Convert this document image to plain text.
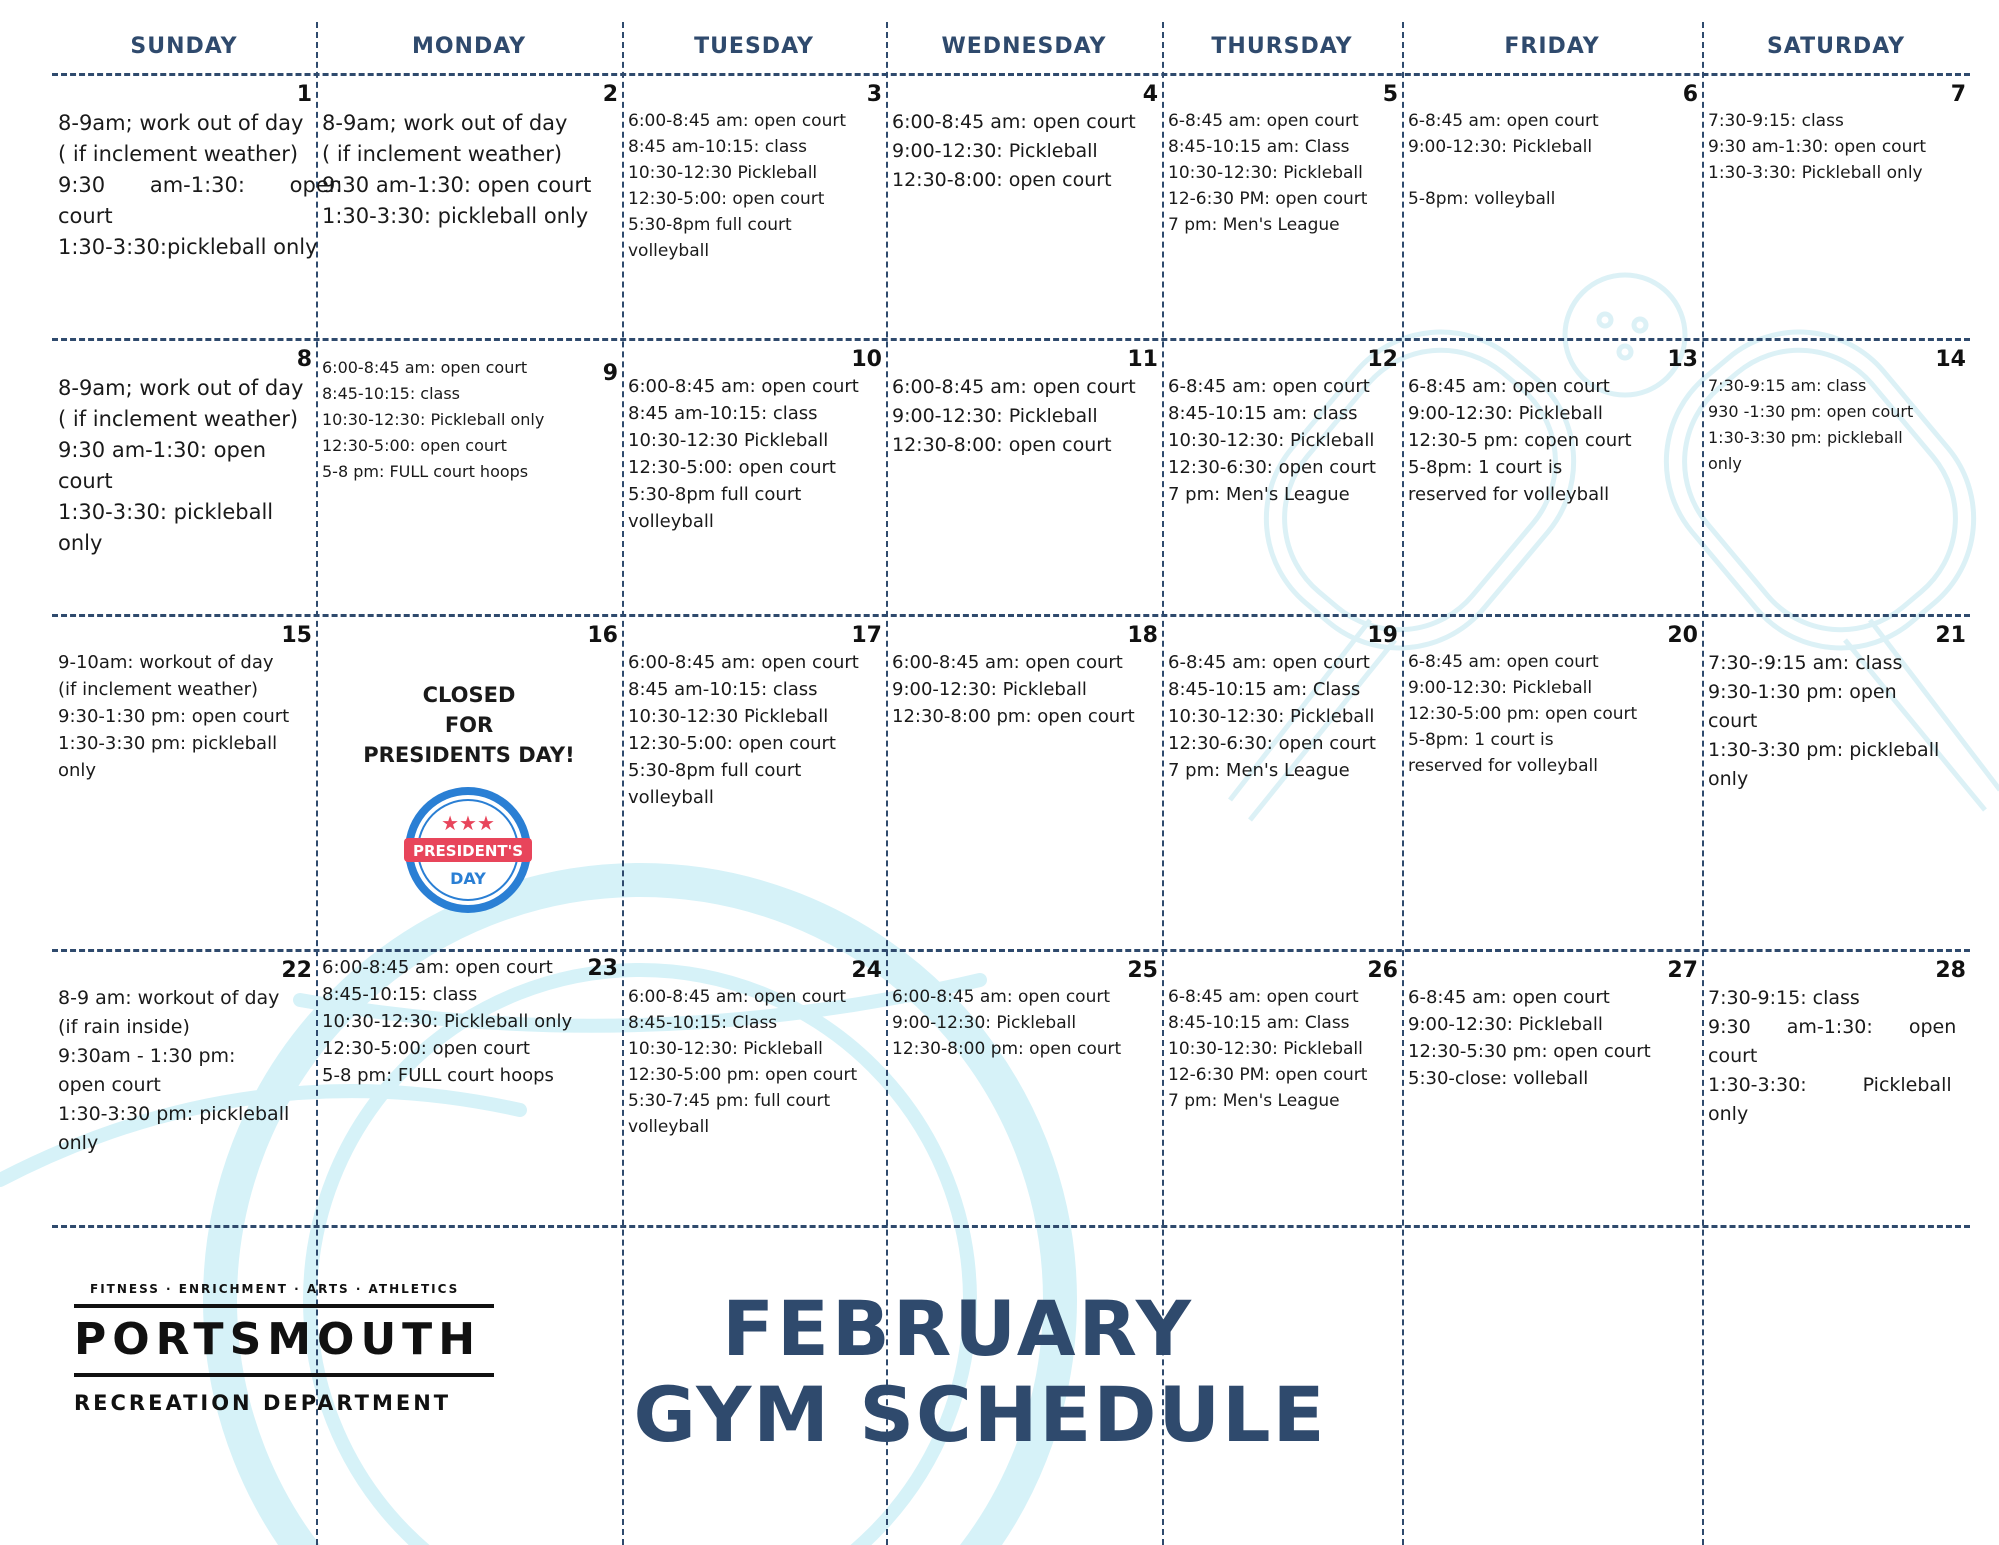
SUNDAY	MONDAY	TUESDAY	WEDNESDAY	THURSDAY	FRIDAY	SATURDAY
1
8-9am; work out of day
( if inclement weather)
9:30 am-1:30: open
court
1:30-3:30:pickleball only
2
8-9am; work out of day
( if inclement weather)
9:30 am-1:30: open court
1:30-3:30: pickleball only
3
6:00-8:45 am: open court
8:45 am-10:15: class
10:30-12:30 Pickleball
12:30-5:00: open court
5:30-8pm full court
volleyball
4
6:00-8:45 am: open court
9:00-12:30: Pickleball
12:30-8:00: open court
5
6-8:45 am: open court
8:45-10:15 am: Class
10:30-12:30: Pickleball
12-6:30 PM: open court
7 pm: Men's League
6
6-8:45 am: open court
9:00-12:30: Pickleball

5-8pm: volleyball
7
7:30-9:15: class
9:30 am-1:30: open court
1:30-3:30: Pickleball only
8
8-9am; work out of day
( if inclement weather)
9:30 am-1:30: open
court
1:30-3:30: pickleball
only
9
6:00-8:45 am: open court
8:45-10:15: class
10:30-12:30: Pickleball only
12:30-5:00: open court
5-8 pm: FULL court hoops
10
6:00-8:45 am: open court
8:45 am-10:15: class
10:30-12:30 Pickleball
12:30-5:00: open court
5:30-8pm full court
volleyball
11
6:00-8:45 am: open court
9:00-12:30: Pickleball
12:30-8:00: open court
12
6-8:45 am: open court
8:45-10:15 am: class
10:30-12:30: Pickleball
12:30-6:30: open court
7 pm: Men's League
13
6-8:45 am: open court
9:00-12:30: Pickleball
12:30-5 pm: copen court
5-8pm: 1 court is
reserved for volleyball
14
7:30-9:15 am: class
930 -1:30 pm: open court
1:30-3:30 pm: pickleball
only
15
9-10am: workout of day
(if inclement weather)
9:30-1:30 pm: open court
1:30-3:30 pm: pickleball
only
16
CLOSED
FOR
PRESIDENTS DAY!
★★★
PRESIDENT'S
DAY
17
6:00-8:45 am: open court
8:45 am-10:15: class
10:30-12:30 Pickleball
12:30-5:00: open court
5:30-8pm full court
volleyball
18
6:00-8:45 am: open court
9:00-12:30: Pickleball
12:30-8:00 pm: open court
19
6-8:45 am: open court
8:45-10:15 am: Class
10:30-12:30: Pickleball
12:30-6:30: open court
7 pm: Men's League
20
6-8:45 am: open court
9:00-12:30: Pickleball
12:30-5:00 pm: open court
5-8pm: 1 court is
reserved for volleyball
21
7:30-:9:15 am: class
9:30-1:30 pm: open
court
1:30-3:30 pm: pickleball
only
22
8-9 am: workout of day
(if rain inside)
9:30am - 1:30 pm:
open court
1:30-3:30 pm: pickleball
only
23
6:00-8:45 am: open court
8:45-10:15: class
10:30-12:30: Pickleball only
12:30-5:00: open court
5-8 pm: FULL court hoops
24
6:00-8:45 am: open court
8:45-10:15: Class
10:30-12:30: Pickleball
12:30-5:00 pm: open court
5:30-7:45 pm: full court
volleyball
25
6:00-8:45 am: open court
9:00-12:30: Pickleball
12:30-8:00 pm: open court
26
6-8:45 am: open court
8:45-10:15 am: Class
10:30-12:30: Pickleball
12-6:30 PM: open court
7 pm: Men's League
27
6-8:45 am: open court
9:00-12:30: Pickleball
12:30-5:30 pm: open court
5:30-close: volleball
28
7:30-9:15: class
9:30 am-1:30: open
court
1:30-3:30: Pickleball
only
FITNESS · ENRICHMENT · ARTS · ATHLETICS
PORTSMOUTH
RECREATION DEPARTMENT
FEBRUARY
GYM SCHEDULE
